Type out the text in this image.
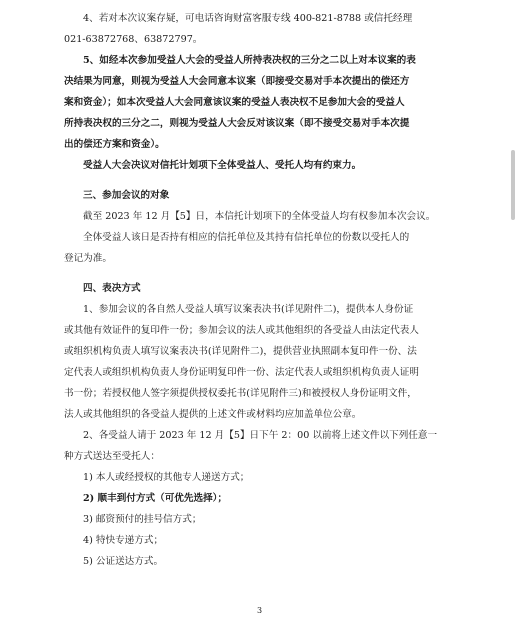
4、若对本次议案存疑，可电话咨询财富客服专线 400-821-8788 或信托经理
021-63872768、63872797。
5、如经本次参加受益人大会的受益人所持表决权的三分之二以上对本议案的表
决结果为同意，则视为受益人大会同意本议案（即接受交易对手本次提出的偿还方
案和资金）；如本次受益人大会同意该议案的受益人表决权不足参加大会的受益人
所持表决权的三分之二，则视为受益人大会反对该议案（即不接受交易对手本次提
出的偿还方案和资金）。
受益人大会决议对信托计划项下全体受益人、受托人均有约束力。
三、参加会议的对象
截至 2023 年 12 月【5】日，本信托计划项下的全体受益人均有权参加本次会议。
全体受益人该日是否持有相应的信托单位及其持有信托单位的份数以受托人的
登记为准。
四、表决方式
1、参加会议的各自然人受益人填写议案表决书(详见附件二)，提供本人身份证
或其他有效证件的复印件一份；参加会议的法人或其他组织的各受益人由法定代表人
或组织机构负责人填写议案表决书(详见附件二)，提供营业执照副本复印件一份、法
定代表人或组织机构负责人身份证明复印件一份、法定代表人或组织机构负责人证明
书一份；若授权他人签字须提供授权委托书(详见附件三)和被授权人身份证明文件，
法人或其他组织的各受益人提供的上述文件或材料均应加盖单位公章。
2、各受益人请于 2023 年 12 月【5】日下午 2：00 以前将上述文件以下列任意一
种方式送达至受托人：
1) 本人或经授权的其他专人递送方式；
2) 顺丰到付方式（可优先选择）；
3) 邮资预付的挂号信方式；
4) 特快专递方式；
5) 公证送达方式。
3
